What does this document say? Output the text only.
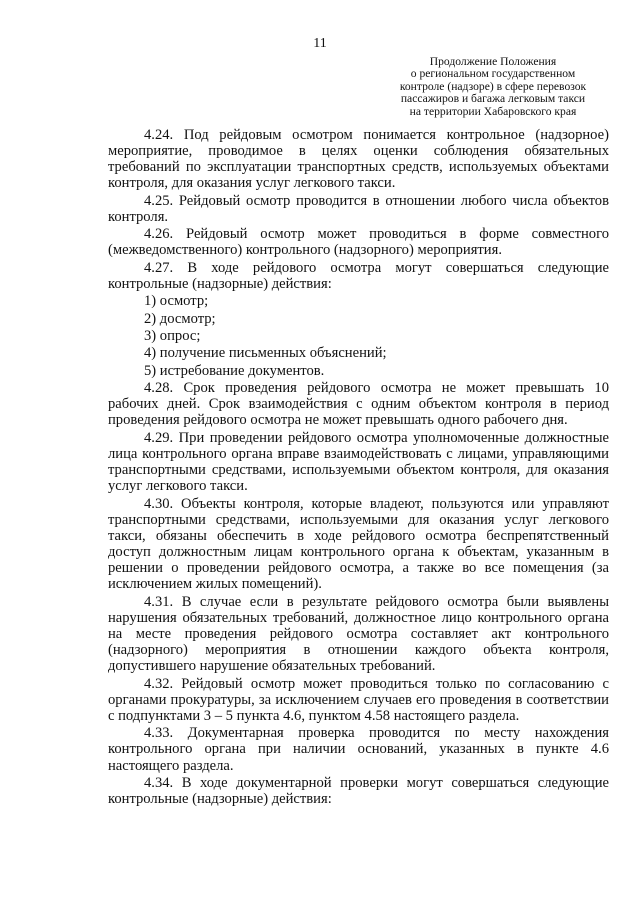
11
Продолжение Положения
о региональном государственном
контроле (надзоре) в сфере перевозок
пассажиров и багажа легковым такси
на территории Хабаровского края

4.24. Под рейдовым осмотром понимается контрольное (надзорное) мероприятие, проводимое в целях оценки соблюдения обязательных требований по эксплуатации транспортных средств, используемых объектами контроля, для оказания услуг легкового такси.

4.25. Рейдовый осмотр проводится в отношении любого числа объектов контроля.

4.26. Рейдовый осмотр может проводиться в форме совместного (межведомственного) контрольного (надзорного) мероприятия.

4.27. В ходе рейдового осмотра могут совершаться следующие контрольные (надзорные) действия:

1) осмотр;

2) досмотр;

3) опрос;

4) получение письменных объяснений;

5) истребование документов.

4.28. Срок проведения рейдового осмотра не может превышать 10 рабочих дней. Срок взаимодействия с одним объектом контроля в период проведения рейдового осмотра не может превышать одного рабочего дня.

4.29. При проведении рейдового осмотра уполномоченные должностные лица контрольного органа вправе взаимодействовать с лицами, управляющими транспортными средствами, используемыми объектом контроля, для оказания услуг легкового такси.

4.30. Объекты контроля, которые владеют, пользуются или управляют транспортными средствами, используемыми для оказания услуг легкового такси, обязаны обеспечить в ходе рейдового осмотра беспрепятственный доступ должностным лицам контрольного органа к объектам, указанным в решении о проведении рейдового осмотра, а также во все помещения (за исключением жилых помещений).

4.31. В случае если в результате рейдового осмотра были выявлены нарушения обязательных требований, должностное лицо контрольного органа на месте проведения рейдового осмотра составляет акт контрольного (надзорного) мероприятия в отношении каждого объекта контроля, допустившего нарушение обязательных требований.

4.32. Рейдовый осмотр может проводиться только по согласованию с органами прокуратуры, за исключением случаев его проведения в соответствии с подпунктами 3 – 5 пункта 4.6, пунктом 4.58 настоящего раздела.

4.33. Документарная проверка проводится по месту нахождения контрольного органа при наличии оснований, указанных в пункте 4.6 настоящего раздела.

4.34. В ходе документарной проверки могут совершаться следующие контрольные (надзорные) действия:
